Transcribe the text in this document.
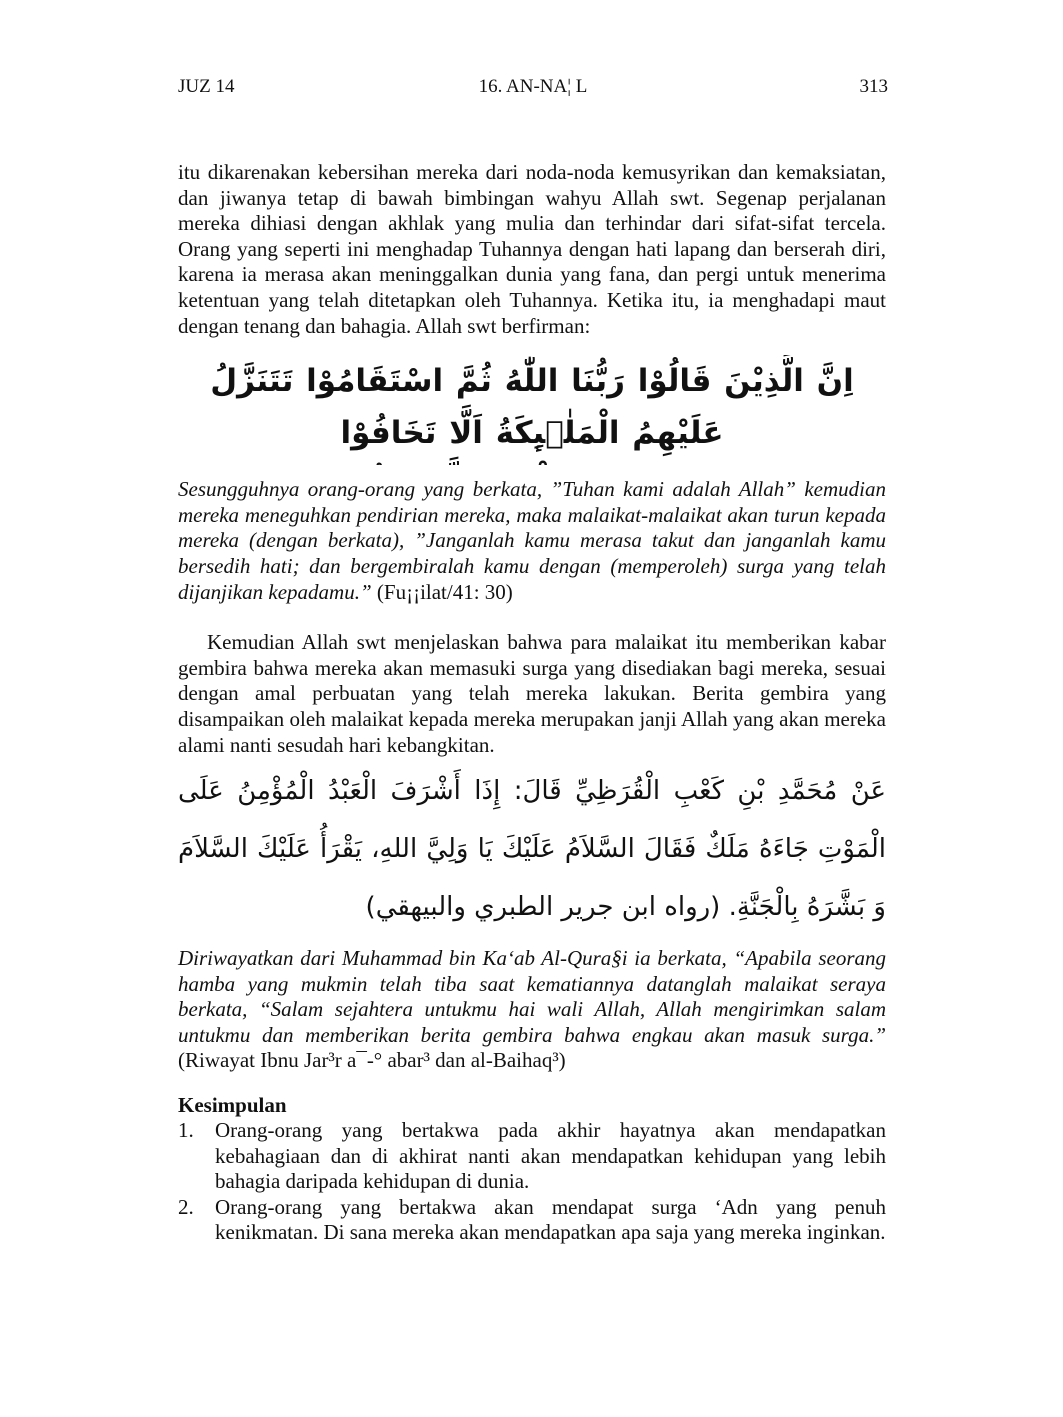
JUZ 14	16. AN-NA¦ L	313

itu dikarenakan kebersihan mereka dari noda-noda kemusyrikan dan kemaksiatan, dan jiwanya tetap di bawah bimbingan wahyu Allah swt. Segenap perjalanan mereka dihiasi dengan akhlak yang mulia dan terhindar dari sifat-sifat tercela. Orang yang seperti ini menghadap Tuhannya dengan hati lapang dan berserah diri, karena ia merasa akan meninggalkan dunia yang fana, dan pergi untuk menerima ketentuan yang telah ditetapkan oleh Tuhannya. Ketika itu, ia menghadapi maut dengan tenang dan bahagia. Allah swt berfirman:

اِنَّ الَّذِيْنَ قَالُوْا رَبُّنَا اللّٰهُ ثُمَّ اسْتَقَامُوْا تَتَنَزَّلُ عَلَيْهِمُ الْمَلٰۤىِٕكَةُ اَلَّا تَخَافُوْا

Sesungguhnya orang-orang yang berkata, ”Tuhan kami adalah Allah” kemudian mereka meneguhkan pendirian mereka, maka malaikat-malaikat akan turun kepada mereka (dengan berkata), ”Janganlah kamu merasa takut dan janganlah kamu bersedih hati; dan bergembiralah kamu dengan (memperoleh) surga yang telah dijanjikan kepadamu.” (Fu¡¡ilat/41: 30)

Kemudian Allah swt menjelaskan bahwa para malaikat itu memberikan kabar gembira bahwa mereka akan memasuki surga yang disediakan bagi mereka, sesuai dengan amal perbuatan yang telah mereka lakukan. Berita gembira yang disampaikan oleh malaikat kepada mereka merupakan janji Allah yang akan mereka alami nanti sesudah hari kebangkitan.

عَنْ مُحَمَّدِ بْنِ كَعْبِ الْقُرَظِيِّ قَالَ: إِذَا أَشْرَفَ الْعَبْدُ الْمُؤْمِنُ عَلَى الْمَوْتِ جَاءَهُ مَلَكٌ فَقَالَ السَّلاَمُ عَلَيْكَ يَا وَلِيَّ اللهِ، يَقْرَأُ عَلَيْكَ السَّلاَمَ وَ بَشَّرَهُ بِالْجَنَّةِ. (رواه ابن جرير الطبري والبيهقي)

Diriwayatkan dari Muhammad bin Ka‘ab Al-Qura§i ia berkata, “Apabila seorang hamba yang mukmin telah tiba saat kematiannya datanglah malaikat seraya berkata, “Salam sejahtera untukmu hai wali Allah, Allah mengirimkan salam untukmu dan memberikan berita gembira bahwa engkau akan masuk surga.” (Riwayat Ibnu Jar³r a¯-° abar³ dan al-Baihaq³)

Kesimpulan
1. Orang-orang yang bertakwa pada akhir hayatnya akan mendapatkan kebahagiaan dan di akhirat nanti akan mendapatkan kehidupan yang lebih bahagia daripada kehidupan di dunia.
2. Orang-orang yang bertakwa akan mendapat surga ‘Adn yang penuh kenikmatan. Di sana mereka akan mendapatkan apa saja yang mereka inginkan.
